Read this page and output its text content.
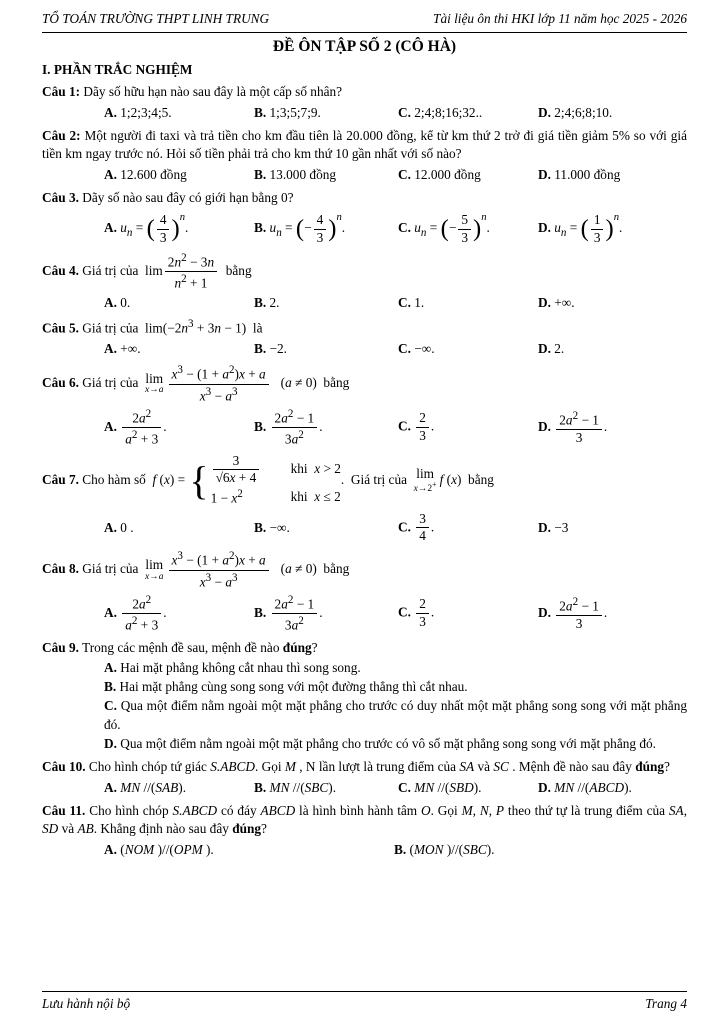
TỔ TOÁN TRƯỜNG THPT LINH TRUNG	Tài liệu ôn thi HKI lớp 11 năm học 2025 - 2026
ĐỀ ÔN TẬP SỐ 2 (CÔ HÀ)
I. PHẦN TRẮC NGHIỆM

Câu 1: Dãy số hữu hạn nào sau đây là một cấp số nhân?

A. 1;2;3;4;5.	B. 1;3;5;7;9.	C. 2;4;8;16;32..	D. 2;4;6;8;10.

Câu 2: Một người đi taxi và trả tiền cho km đầu tiên là 20.000 đồng, kể từ km thứ 2 trở đi giá tiền giảm 5% so với giá tiền km ngay trước nó. Hỏi số tiền phải trả cho km thứ 10 gần nhất với số nào?

A. 12.600 đồng	B. 13.000 đồng	C. 12.000 đồng	D. 11.000 đồng

Câu 3. Dãy số nào sau đây có giới hạn bằng 0?

A. $u_n$ = ( $\frac{4}{3} )^n$.	B. $u_n$ = (− $\frac{4}{3} )^n$.	C. $u_n$ = (− $\frac{5}{3} )^n$.	D. $u_n$ = ( $\frac{1}{3} )^n$.

Câu 4. Giá trị của  $\lim \frac{2n^2 - 3n}{n^2 + 1}$ bằng

A. 0.	B. 2.	C. 1.	D. +∞.

Câu 5. Giá trị của  $\lim(-2n^3 + 3n - 1)$  là

A. +∞.	B. −2.	C. −∞.	D. 2.

Câu 6. Giá trị của  lim
$x\to a \frac{x^3 - (1 + a^2)x + a}{x^3 - a^3} (a \ne 0)$  bằng

A. $\frac{2a^2}{a^2 + 3}$ .	B. $\frac{2a^2 - 1}{3a^2}$ .	C. $\frac{2}{3}$ .	D. $\frac{2a^2 - 1}{3}$ .

Câu 7. Cho hàm số  f (x) = { $\frac{3}{√6x + 4}$ khi  x > 2
$1 - x^2$	khi  x ≤ 2
.  Giá trị của  lim
x→2+ f (x)  bằng

A. 0 .	B. −∞.	C. $\frac{3}{4}$ .	D. −3

Câu 8. Giá trị của  lim
$x\to a \frac{x^3 - (1 + a^2)x + a}{x^3 - a^3} (a \ne 0)$  bằng

A. $\frac{2a^2}{a^2 + 3}$ .	B. $\frac{2a^2 - 1}{3a^2}$ .	C. $\frac{2}{3}$ .	D. $\frac{2a^2 - 1}{3}$ .

Câu 9. Trong các mệnh đề sau, mệnh đề nào đúng?

A. Hai mặt phẳng không cắt nhau thì song song.
B. Hai mặt phẳng cùng song song với một đường thẳng thì cắt nhau.
C. Qua một điểm nằm ngoài một mặt phẳng cho trước có duy nhất một mặt phẳng song song với mặt phẳng đó.
D. Qua một điểm nằm ngoài một mặt phẳng cho trước có vô số mặt phẳng song song với mặt phẳng đó.

Câu 10. Cho hình chóp tứ giác S.ABCD. Gọi M , N lần lượt là trung điểm của SA và SC . Mệnh đề nào sau đây đúng?

A. MN //(SAB).	B. MN //(SBC).	C. MN //(SBD).	D. MN //(ABCD).

Câu 11. Cho hình chóp S.ABCD có đáy ABCD là hình bình hành tâm O. Gọi M, N, P theo thứ tự là trung điểm của SA, SD và AB. Khẳng định nào sau đây đúng?

A. (NOM )//(OPM ).	B. (MON )//(SBC).
Lưu hành nội bộ	Trang 4
